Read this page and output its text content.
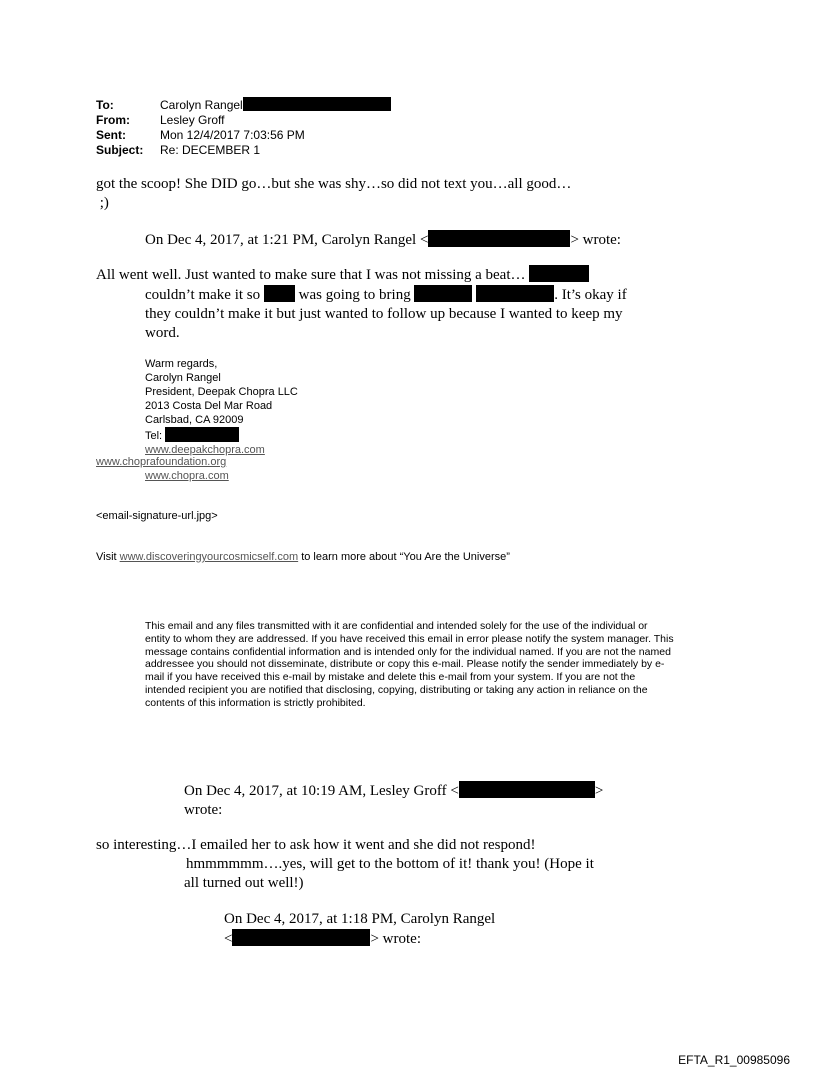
To:	Carolyn Rangel
From:	Lesley Groff
Sent:	Mon 12/4/2017 7:03:56 PM
Subject: Re: DECEMBER 1
got the scoop! She DID go…but she was shy…so did not text you…all good…
;)
On Dec 4, 2017, at 1:21 PM, Carolyn Rangel <	> wrote:
All went well. Just wanted to make sure that I was not missing a beat…
couldn’t make it so	was going to bring	. It’s okay if
they couldn’t make it but just wanted to follow up because I wanted to keep my
word.
Warm regards,
Carolyn Rangel
President, Deepak Chopra LLC
2013 Costa Del Mar Road
Carlsbad, CA 92009
Tel:
www.deepakchopra.com
www.choprafoundation.org
www.chopra.com
<email-signature-url.jpg>
Visit www.discoveringyourcosmicself.com to learn more about “You Are the Universe”
This email and any files transmitted with it are confidential and intended solely for the use of the individual or entity to whom they are addressed. If you have received this email in error please notify the system manager. This message contains confidential information and is intended only for the individual named. If you are not the named addressee you should not disseminate, distribute or copy this e-mail. Please notify the sender immediately by e-mail if you have received this e-mail by mistake and delete this e-mail from your system. If you are not the intended recipient you are notified that disclosing, copying, distributing or taking any action in reliance on the contents of this information is strictly prohibited.
On Dec 4, 2017, at 10:19 AM, Lesley Groff <	>
wrote:
so interesting…I emailed her to ask how it went and she did not respond!
hmmmmmm….yes, will get to the bottom of it! thank you! (Hope it
all turned out well!)
On Dec 4, 2017, at 1:18 PM, Carolyn Rangel
<	> wrote:
EFTA_R1_00985096
